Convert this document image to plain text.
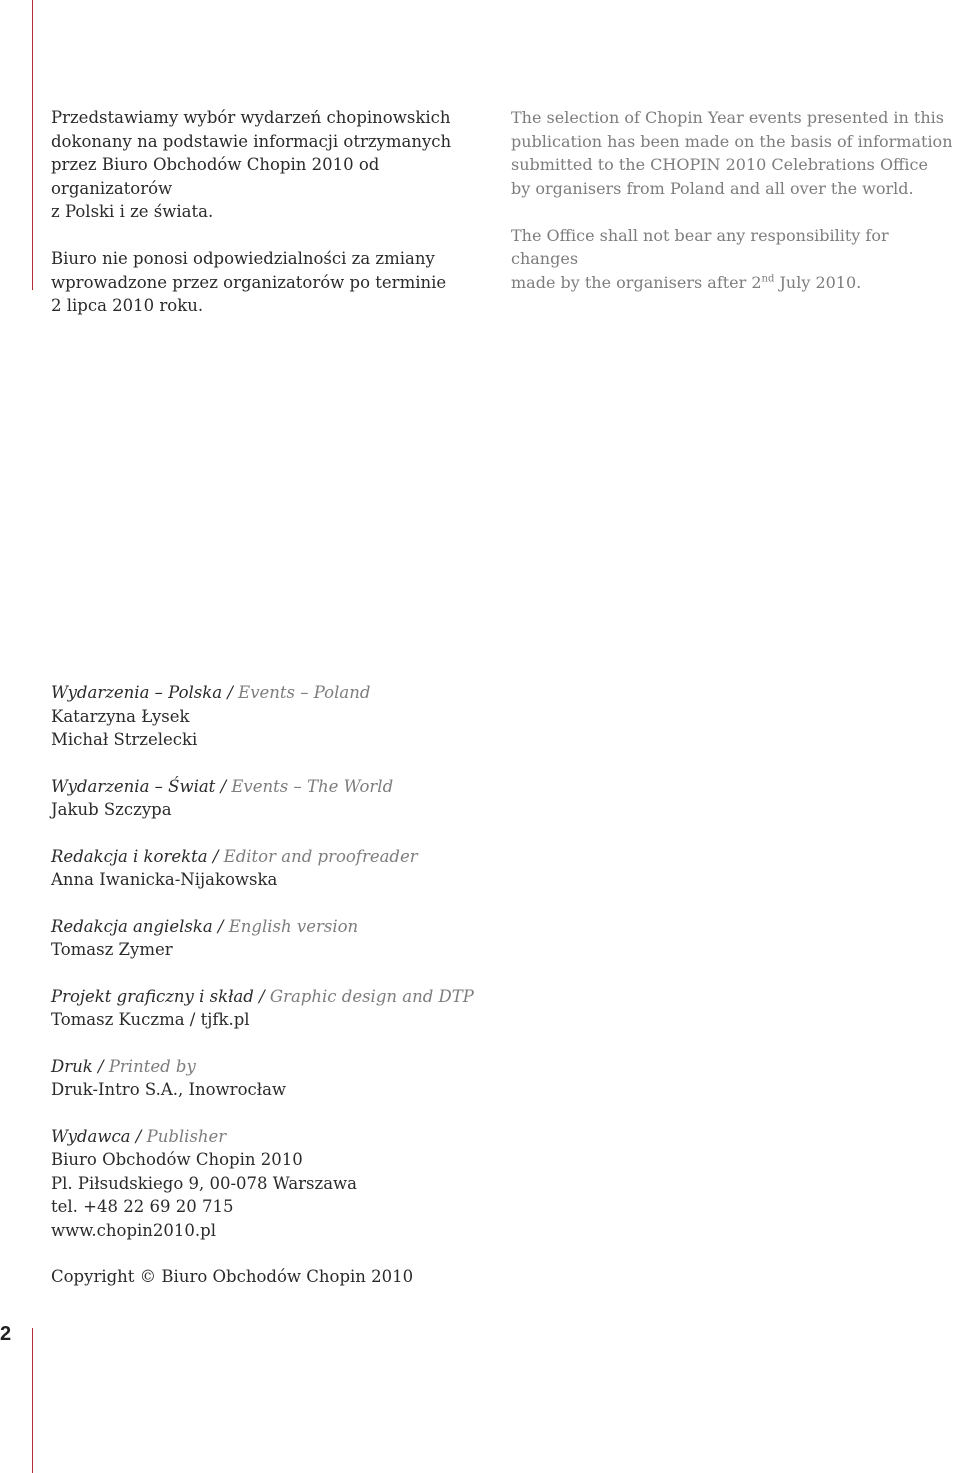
2

Przedstawiamy wybór wydarzeń chopinowskich
dokonany na podstawie informacji otrzymanych
przez Biuro Obchodów Chopin 2010 od organizatorów
z Polski i ze świata.

Biuro nie ponosi odpowiedzialności za zmiany
wprowadzone przez organizatorów po terminie
2 lipca 2010 roku.

The selection of Chopin Year events presented in this
publication has been made on the basis of information
submitted to the CHOPIN 2010 Celebrations Office
by organisers from Poland and all over the world.

The Office shall not bear any responsibility for changes
made by the organisers after 2nd July 2010.

Wydarzenia – Polska / Events – Poland
Katarzyna Łysek
Michał Strzelecki
Wydarzenia – Świat / Events – The World
Jakub Szczypa
Redakcja i korekta / Editor and proofreader
Anna Iwanicka-Nijakowska
Redakcja angielska / English version
Tomasz Zymer
Projekt graficzny i skład / Graphic design and DTP
Tomasz Kuczma / tjfk.pl
Druk / Printed by
Druk-Intro S.A., Inowrocław
Wydawca / Publisher
Biuro Obchodów Chopin 2010
Pl. Piłsudskiego 9, 00-078 Warszawa
tel. +48 22 69 20 715
www.chopin2010.pl
Copyright © Biuro Obchodów Chopin 2010
